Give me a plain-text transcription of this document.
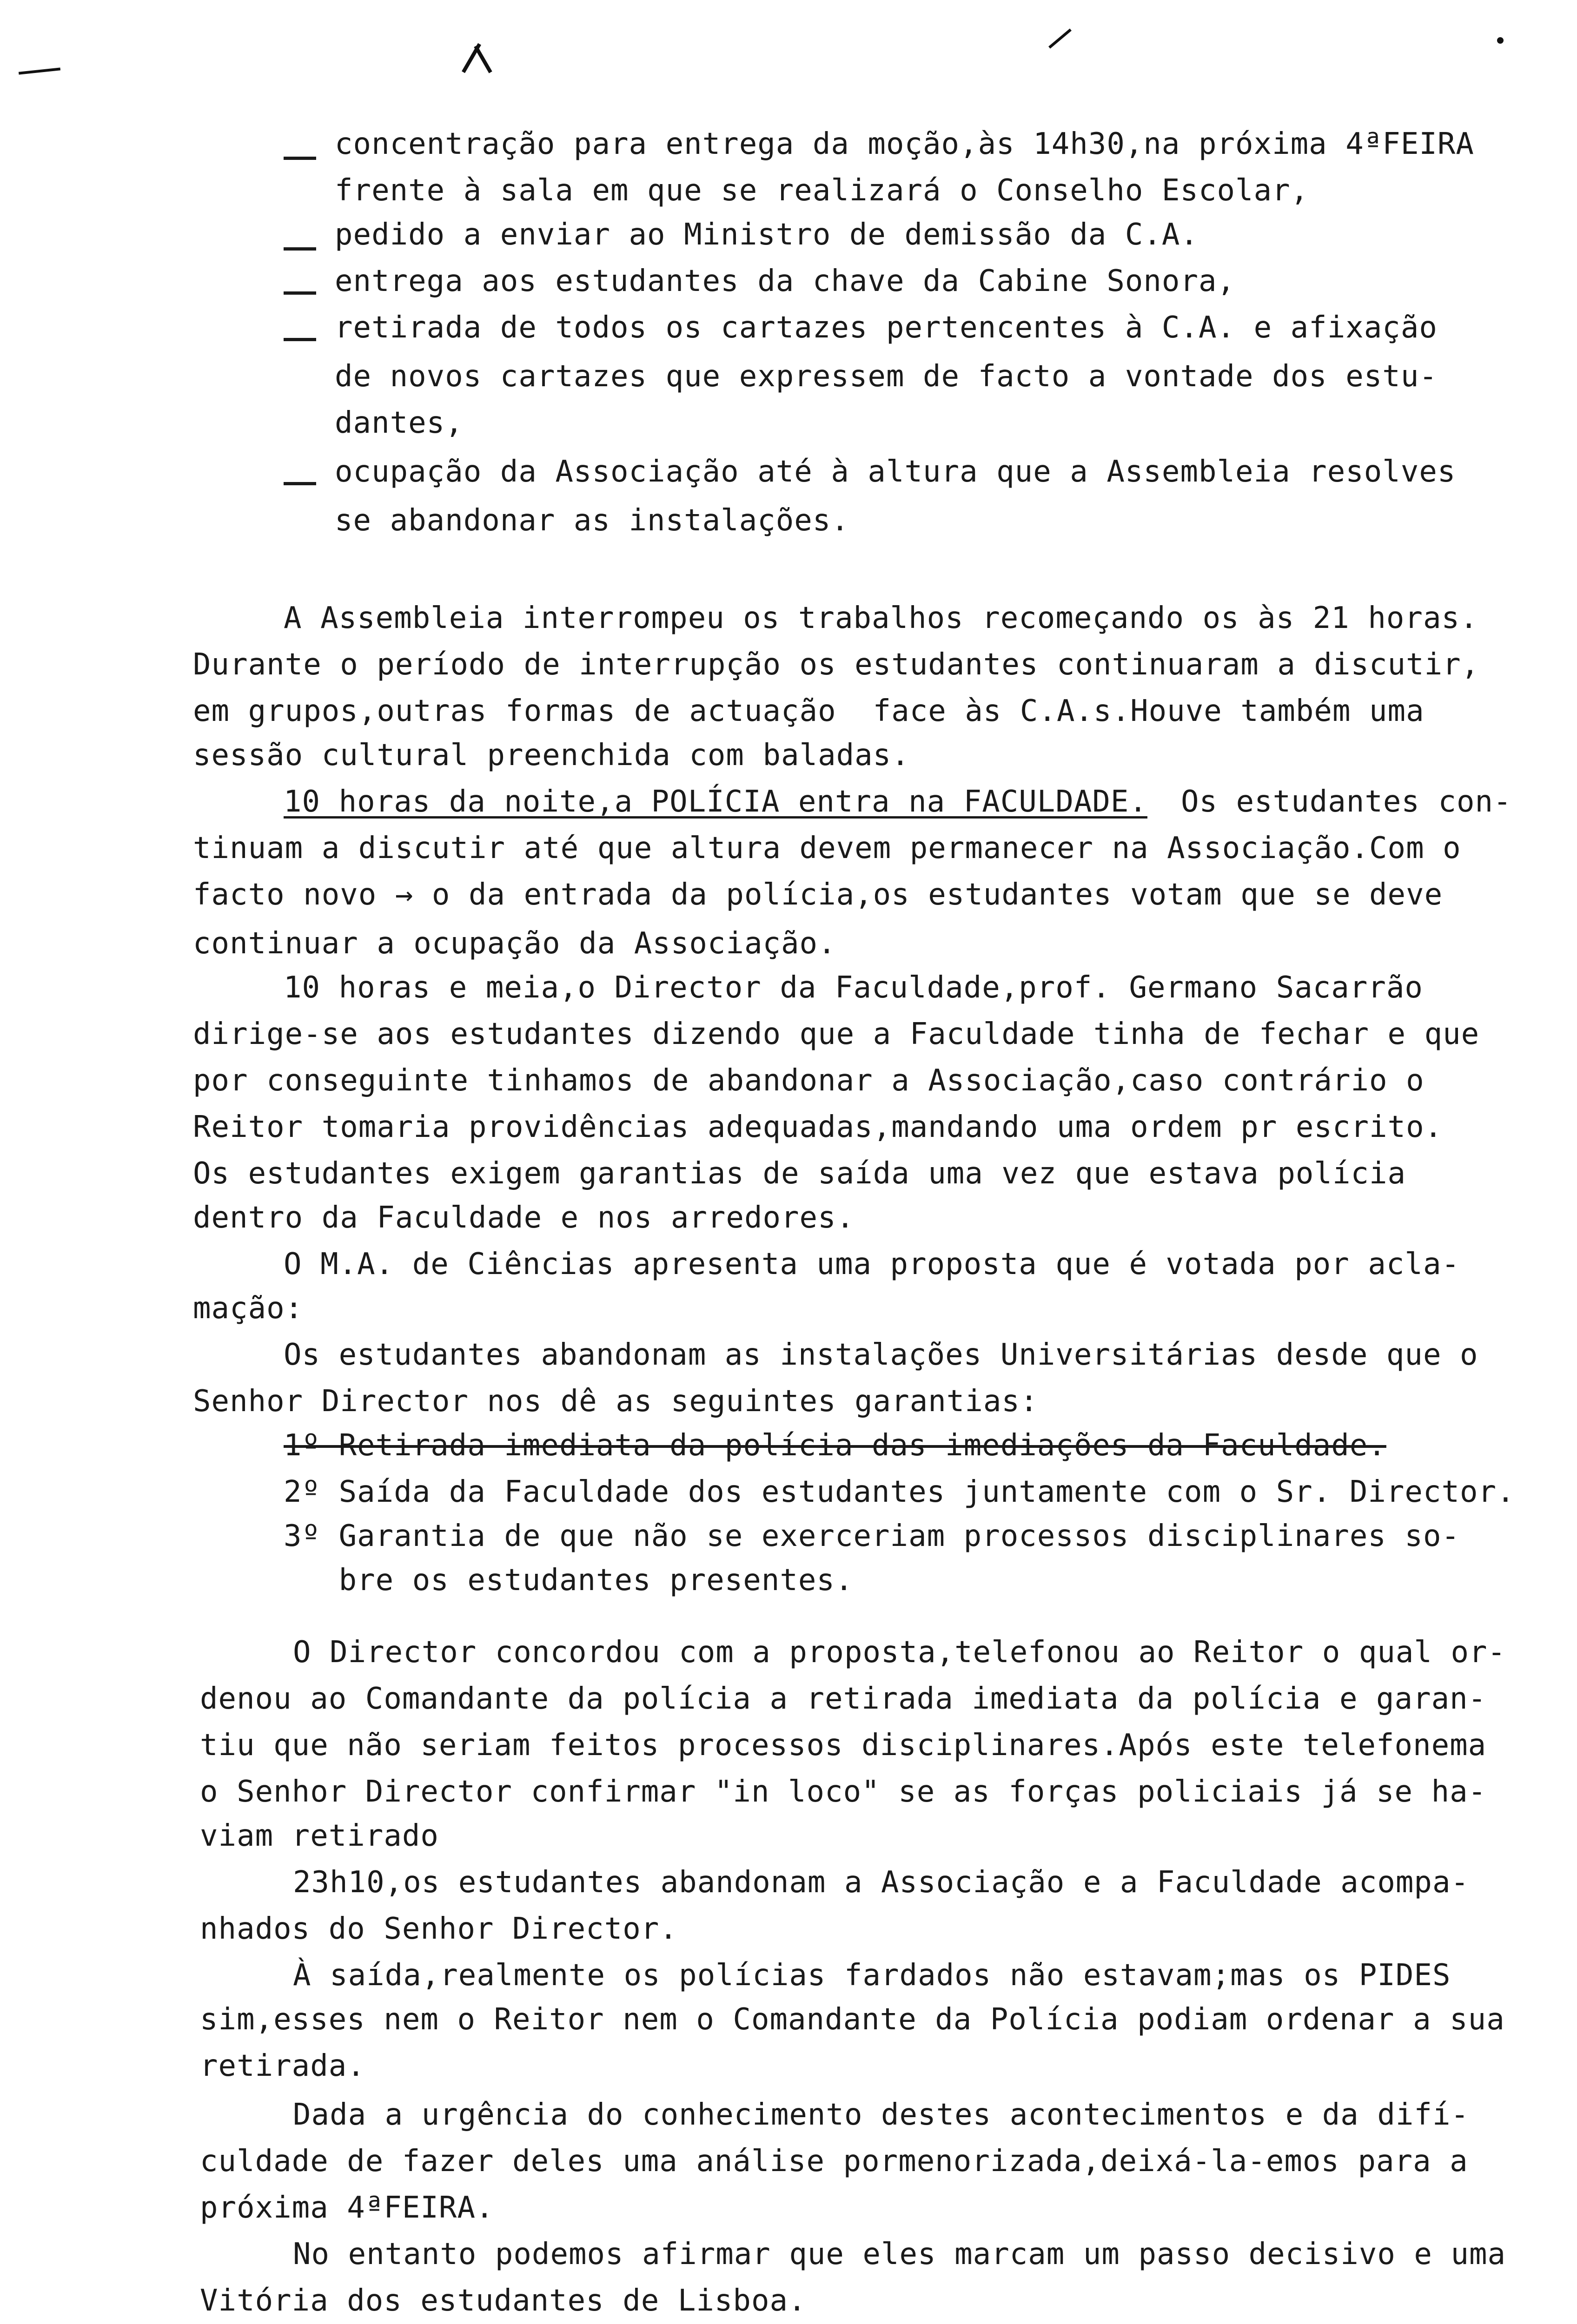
concentração para entrega da moção,às 14h30,na próxima 4ªFEIRA
frente à sala em que se realizará o Conselho Escolar,
pedido a enviar ao Ministro de demissão da C.A.
entrega aos estudantes da chave da Cabine Sonora,
retirada de todos os cartazes pertencentes à C.A. e afixação
de novos cartazes que expressem de facto a vontade dos estu-
dantes,
ocupação da Associação até à altura que a Assembleia resolves
se abandonar as instalações.
A Assembleia interrompeu os trabalhos recomeçando os às 21 horas.
Durante o período de interrupção os estudantes continuaram a discutir,
em grupos,outras formas de actuação  face às C.A.s.Houve também uma
sessão cultural preenchida com baladas.
10 horas da noite,a POLÍCIA entra na FACULDADE. Os estudantes con-
tinuam a discutir até que altura devem permanecer na Associação.Com o
facto novo → o da entrada da polícia,os estudantes votam que se deve
continuar a ocupação da Associação.
10 horas e meia,o Director da Faculdade,prof. Germano Sacarrão
dirige-se aos estudantes dizendo que a Faculdade tinha de fechar e que
por conseguinte tinhamos de abandonar a Associação,caso contrário o
Reitor tomaria providências adequadas,mandando uma ordem pr escrito.
Os estudantes exigem garantias de saída uma vez que estava polícia
dentro da Faculdade e nos arredores.
O M.A. de Ciências apresenta uma proposta que é votada por acla-
mação:
Os estudantes abandonam as instalações Universitárias desde que o
Senhor Director nos dê as seguintes garantias:
1º Retirada imediata da polícia das imediações da Faculdade.
2º Saída da Faculdade dos estudantes juntamente com o Sr. Director.
3º Garantia de que não se exerceriam processos disciplinares so-
bre os estudantes presentes.
O Director concordou com a proposta,telefonou ao Reitor o qual or-
denou ao Comandante da polícia a retirada imediata da polícia e garan-
tiu que não seriam feitos processos disciplinares.Após este telefonema
o Senhor Director confirmar "in loco" se as forças policiais já se ha-
viam retirado
23h10,os estudantes abandonam a Associação e a Faculdade acompa-
nhados do Senhor Director.
À saída,realmente os polícias fardados não estavam;mas os PIDES
sim,esses nem o Reitor nem o Comandante da Polícia podiam ordenar a sua
retirada.
Dada a urgência do conhecimento destes acontecimentos e da difí-
culdade de fazer deles uma análise pormenorizada,deixá-la-emos para a
próxima 4ªFEIRA.
No entanto podemos afirmar que eles marcam um passo decisivo e uma
Vitória dos estudantes de Lisboa.
